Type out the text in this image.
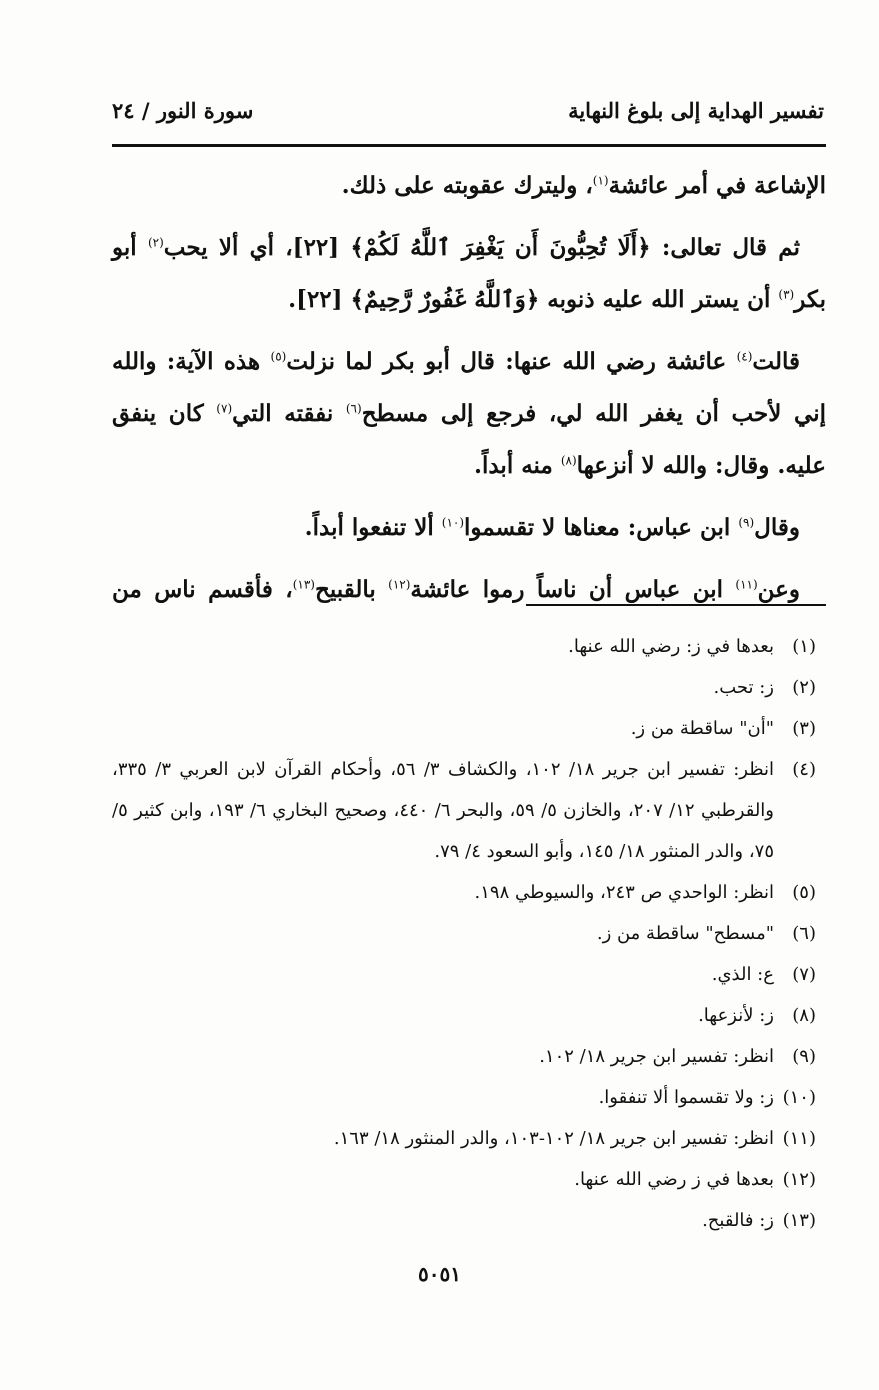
سورة النور / ٢٤	تفسير الهداية إلى بلوغ النهاية

الإشاعة في أمر عائشة$^{(١)}$، وليترك عقوبته على ذلك.

ثم قال تعالى: ﴿أَلَا تُحِبُّونَ أَن يَغْفِرَ ٱللَّهُ لَكُمْ﴾ [٢٢]، أي ألا يحب$^{(٢)}$ أبو بكر$^{(٣)}$ أن يستر الله عليه ذنوبه ﴿وَٱللَّهُ غَفُورٌ رَّحِيمٌ﴾ [٢٢].

قالت$^{(٤)}$ عائشة رضي الله عنها: قال أبو بكر لما نزلت$^{(٥)}$ هذه الآية: والله إني لأحب أن يغفر الله لي، فرجع إلى مسطح$^{(٦)}$ نفقته التي$^{(٧)}$ كان ينفق عليه. وقال: والله لا أنزعها$^{(٨)}$ منه أبداً.

وقال$^{(٩)}$ ابن عباس: معناها لا تقسموا$^{(١٠)}$ ألا تنفعوا أبداً.

وعن$^{(١١)}$ ابن عباس أن ناساً رموا عائشة$^{(١٢)}$ بالقبيح$^{(١٣)}$، فأقسم ناس من

(١)
بعدها في ز: رضي الله عنها.
(٢)
ز: تحب.
(٣)
"أن" ساقطة من ز.
(٤)
انظر: تفسير ابن جرير ١٨/ ١٠٢، والكشاف ٣/ ٥٦، وأحكام القرآن لابن العربي ٣/ ٣٣٥، والقرطبي ١٢/ ٢٠٧، والخازن ٥/ ٥٩، والبحر ٦/ ٤٤٠، وصحيح البخاري ٦/ ١٩٣، وابن كثير ٥/ ٧٥، والدر المنثور ١٨/ ١٤٥، وأبو السعود ٤/ ٧٩.
(٥)
انظر: الواحدي ص ٢٤٣، والسيوطي ١٩٨.
(٦)
"مسطح" ساقطة من ز.
(٧)
ع: الذي.
(٨)
ز: لأنزعها.
(٩)
انظر: تفسير ابن جرير ١٨/ ١٠٢.
(١٠)
ز: ولا تقسموا ألا تنفقوا.
(١١)
انظر: تفسير ابن جرير ١٨/ ١٠٢-١٠٣، والدر المنثور ١٨/ ١٦٣.
(١٢)
بعدها في ز رضي الله عنها.
(١٣)
ز: فالقبح.
٥٠٥١
